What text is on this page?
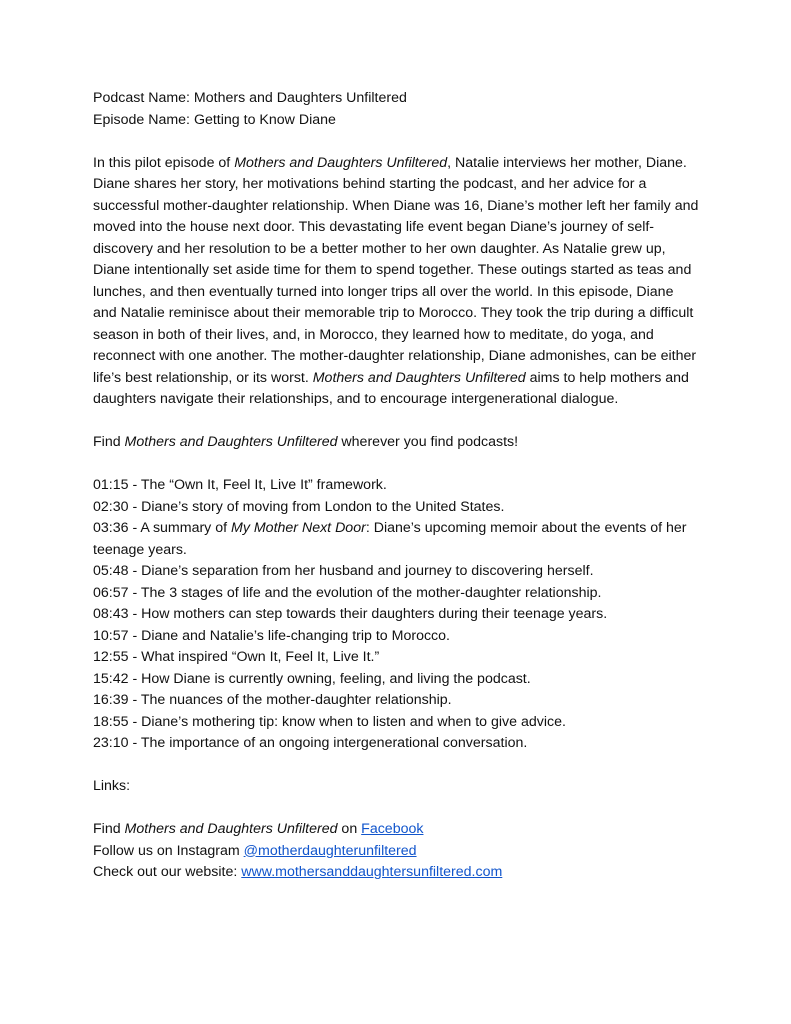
Podcast Name: Mothers and Daughters Unfiltered

Episode Name: Getting to Know Diane

In this pilot episode of Mothers and Daughters Unfiltered, Natalie interviews her mother, Diane. Diane shares her story, her motivations behind starting the podcast, and her advice for a successful mother-daughter relationship. When Diane was 16, Diane’s mother left her family and moved into the house next door. This devastating life event began Diane’s journey of self-discovery and her resolution to be a better mother to her own daughter. As Natalie grew up, Diane intentionally set aside time for them to spend together. These outings started as teas and lunches, and then eventually turned into longer trips all over the world. In this episode, Diane and Natalie reminisce about their memorable trip to Morocco. They took the trip during a difficult season in both of their lives, and, in Morocco, they learned how to meditate, do yoga, and reconnect with one another. The mother-daughter relationship, Diane admonishes, can be either life’s best relationship, or its worst. Mothers and Daughters Unfiltered aims to help mothers and daughters navigate their relationships, and to encourage intergenerational dialogue.

Find Mothers and Daughters Unfiltered wherever you find podcasts!

01:15 - The “Own It, Feel It, Live It” framework.

02:30 - Diane’s story of moving from London to the United States.

03:36 - A summary of My Mother Next Door: Diane’s upcoming memoir about the events of her teenage years.

05:48 - Diane’s separation from her husband and journey to discovering herself.

06:57 - The 3 stages of life and the evolution of the mother-daughter relationship.

08:43 - How mothers can step towards their daughters during their teenage years.

10:57 - Diane and Natalie’s life-changing trip to Morocco.

12:55 - What inspired “Own It, Feel It, Live It.”

15:42 - How Diane is currently owning, feeling, and living the podcast.

16:39 - The nuances of the mother-daughter relationship.

18:55 - Diane’s mothering tip: know when to listen and when to give advice.

23:10 - The importance of an ongoing intergenerational conversation.

Links:

Find Mothers and Daughters Unfiltered on Facebook

Follow us on Instagram @motherdaughterunfiltered

Check out our website: www.mothersanddaughtersunfiltered.com
